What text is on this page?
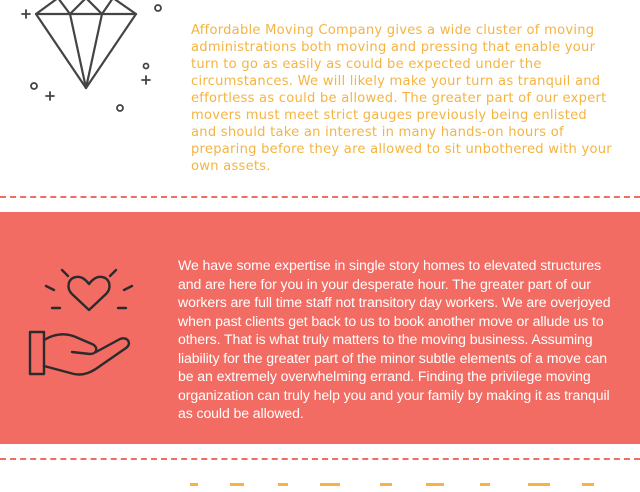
Affordable Moving Company gives a wide cluster of moving administrations both moving and pressing that enable your turn to go as easily as could be expected under the circumstances. We will likely make your turn as tranquil and effortless as could be allowed. The greater part of our expert movers must meet strict gauges previously being enlisted and should take an interest in many hands-on hours of preparing before they are allowed to sit unbothered with your own assets.

We have some expertise in single story homes to elevated structures and are here for you in your desperate hour. The greater part of our workers are full time staff not transitory day workers. We are overjoyed when past clients get back to us to book another move or allude us to others. That is what truly matters to the moving business. Assuming liability for the greater part of the minor subtle elements of a move can be an extremely overwhelming errand. Finding the privilege moving organization can truly help you and your family by making it as tranquil as could be allowed.
